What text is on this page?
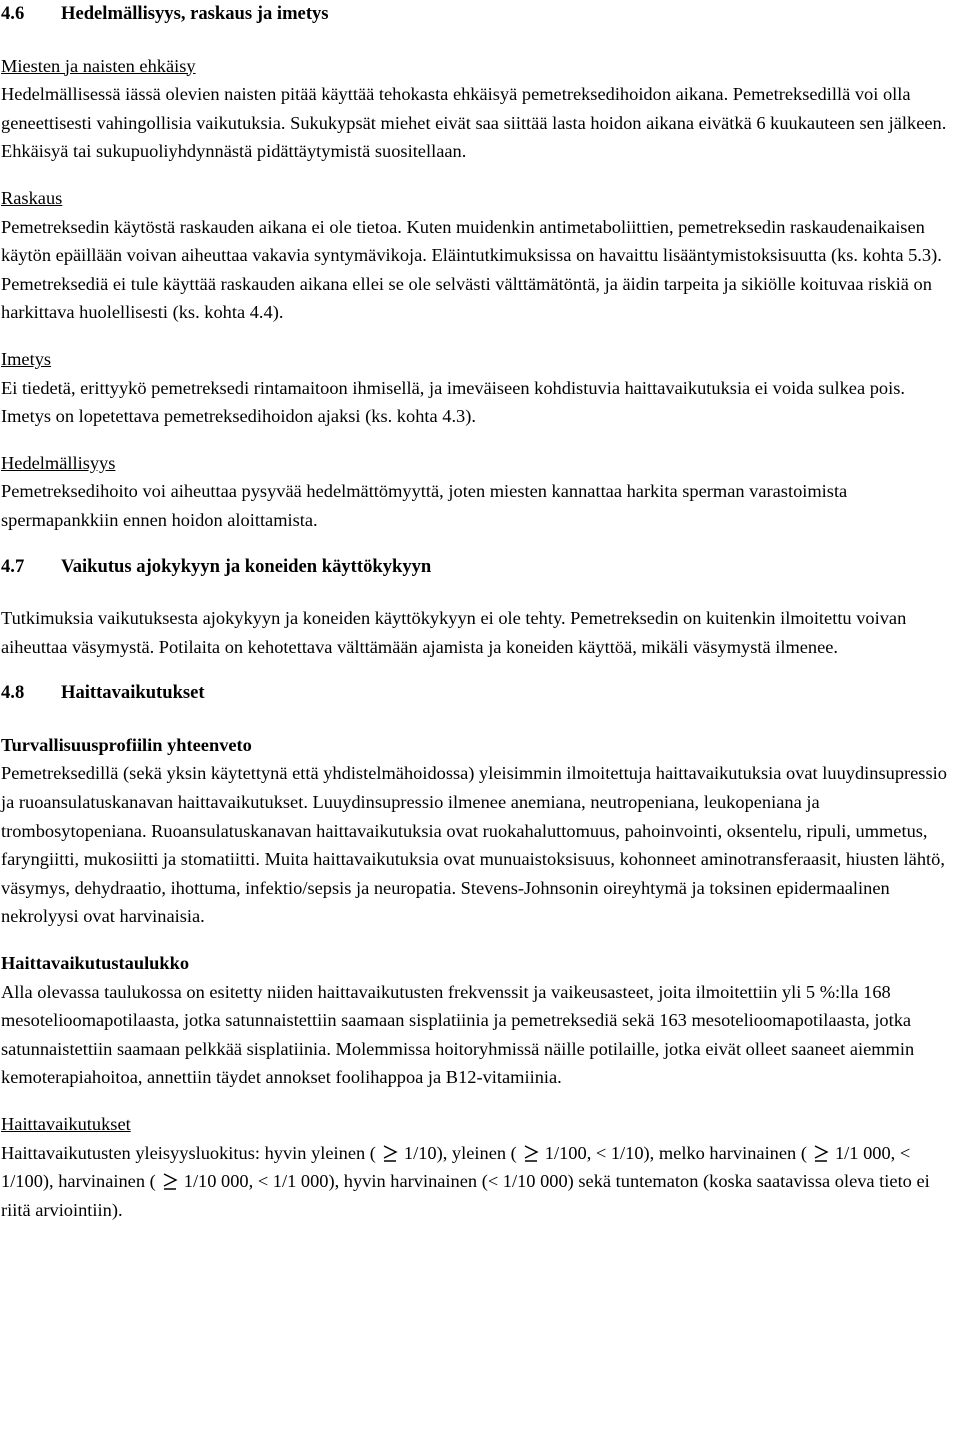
4.6 Hedelmällisyys, raskaus ja imetys

Miesten ja naisten ehkäisy

Hedelmällisessä iässä olevien naisten pitää käyttää tehokasta ehkäisyä pemetreksedihoidon aikana. Pemetreksedillä voi olla geneettisesti vahingollisia vaikutuksia. Sukukypsät miehet eivät saa siittää lasta hoidon aikana eivätkä 6 kuukauteen sen jälkeen. Ehkäisyä tai sukupuoliyhdynnästä pidättäytymistä suositellaan.

Raskaus

Pemetreksedin käytöstä raskauden aikana ei ole tietoa. Kuten muidenkin antimetaboliittien, pemetreksedin raskaudenaikaisen käytön epäillään voivan aiheuttaa vakavia syntymävikoja. Eläintutkimuksissa on havaittu lisääntymistoksisuutta (ks. kohta 5.3). Pemetreksediä ei tule käyttää raskauden aikana ellei se ole selvästi välttämätöntä, ja äidin tarpeita ja sikiölle koituvaa riskiä on harkittava huolellisesti (ks. kohta 4.4).

Imetys

Ei tiedetä, erittyykö pemetreksedi rintamaitoon ihmisellä, ja imeväiseen kohdistuvia haittavaikutuksia ei voida sulkea pois. Imetys on lopetettava pemetreksedihoidon ajaksi (ks. kohta 4.3).

Hedelmällisyys

Pemetreksedihoito voi aiheuttaa pysyvää hedelmättömyyttä, joten miesten kannattaa harkita sperman varastoimista spermapankkiin ennen hoidon aloittamista.

4.7 Vaikutus ajokykyyn ja koneiden käyttökykyyn

Tutkimuksia vaikutuksesta ajokykyyn ja koneiden käyttökykyyn ei ole tehty. Pemetreksedin on kuitenkin ilmoitettu voivan aiheuttaa väsymystä. Potilaita on kehotettava välttämään ajamista ja koneiden käyttöä, mikäli väsymystä ilmenee.

4.8 Haittavaikutukset

Turvallisuusprofiilin yhteenveto

Pemetreksedillä (sekä yksin käytettynä että yhdistelmähoidossa) yleisimmin ilmoitettuja haittavaikutuksia ovat luuydinsupressio ja ruoansulatuskanavan haittavaikutukset. Luuydinsupressio ilmenee anemiana, neutropeniana, leukopeniana ja trombosytopeniana. Ruoansulatuskanavan haittavaikutuksia ovat ruokahaluttomuus, pahoinvointi, oksentelu, ripuli, ummetus, faryngiitti, mukosiitti ja stomatiitti. Muita haittavaikutuksia ovat munuaistoksisuus, kohonneet aminotransferaasit, hiusten lähtö, väsymys, dehydraatio, ihottuma, infektio/sepsis ja neuropatia. Stevens-Johnsonin oireyhtymä ja toksinen epidermaalinen nekrolyysi ovat harvinaisia.

Haittavaikutustaulukko

Alla olevassa taulukossa on esitetty niiden haittavaikutusten frekvenssit ja vaikeusasteet, joita ilmoitettiin yli 5 %:lla 168 mesotelioomapotilaasta, jotka satunnaistettiin saamaan sisplatiinia ja pemetreksediä sekä 163 mesotelioomapotilaasta, jotka satunnaistettiin saamaan pelkkää sisplatiinia. Molemmissa hoitoryhmissä näille potilaille, jotka eivät olleet saaneet aiemmin kemoterapiahoitoa, annettiin täydet annokset foolihappoa ja B12-vitamiinia.

Haittavaikutukset

Haittavaikutusten yleisyysluokitus: hyvin yleinen ( 1/10), yleinen ( 1/100, < 1/10), melko harvinainen ( 1/1 000, < 1/100), harvinainen ( 1/10 000, < 1/1 000), hyvin harvinainen (< 1/10 000) sekä tuntematon (koska saatavissa oleva tieto ei riitä arviointiin).
